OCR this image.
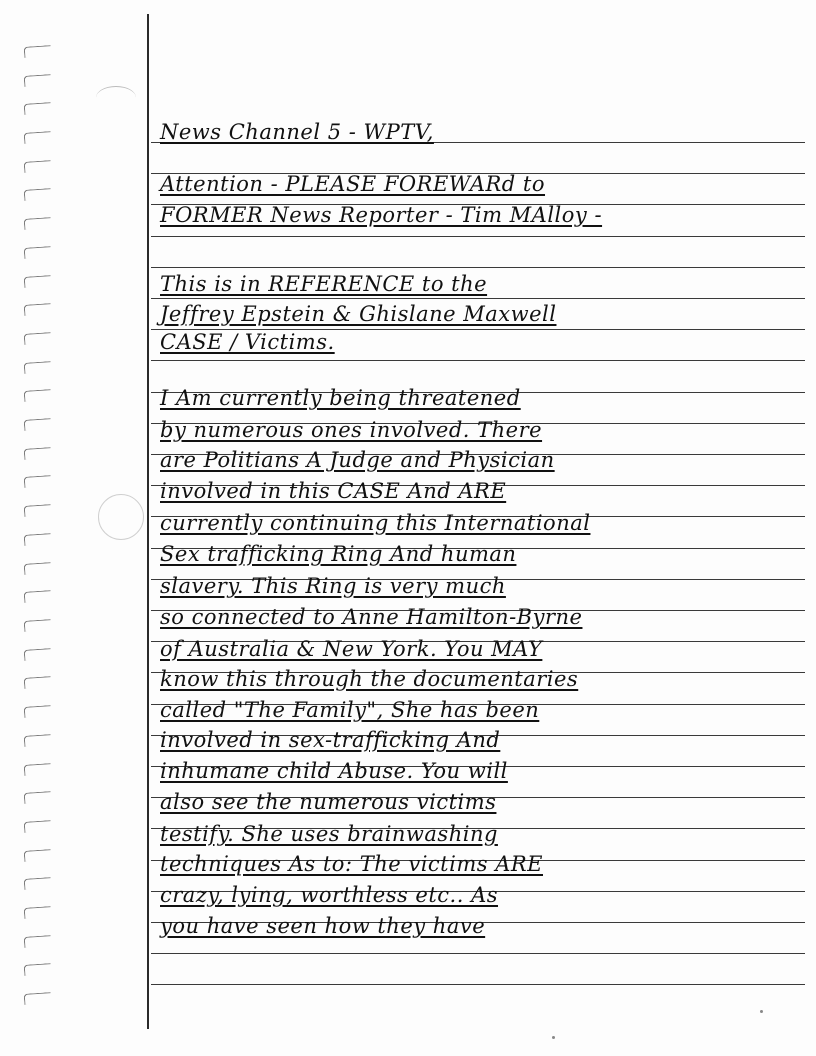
News Channel 5 - WPTV,
Attention - PLEASE FOREWARd to
FORMER News Reporter - Tim MAlloy -
This is in REFERENCE to the
Jeffrey Epstein & Ghislane Maxwell
CASE / Victims.
I Am currently being threatened
by numerous ones involved. There
are Politians A Judge and Physician
involved in this CASE And ARE
currently continuing this International
Sex trafficking Ring And human
slavery. This Ring is very much
so connected to Anne Hamilton-Byrne
of Australia & New York. You MAY
know this through the documentaries
called "The Family", She has been
involved in sex-trafficking And
inhumane child Abuse. You will
also see the numerous victims
testify. She uses brainwashing
techniques As to: The victims ARE
crazy, lying, worthless etc.. As
you have seen how they have
